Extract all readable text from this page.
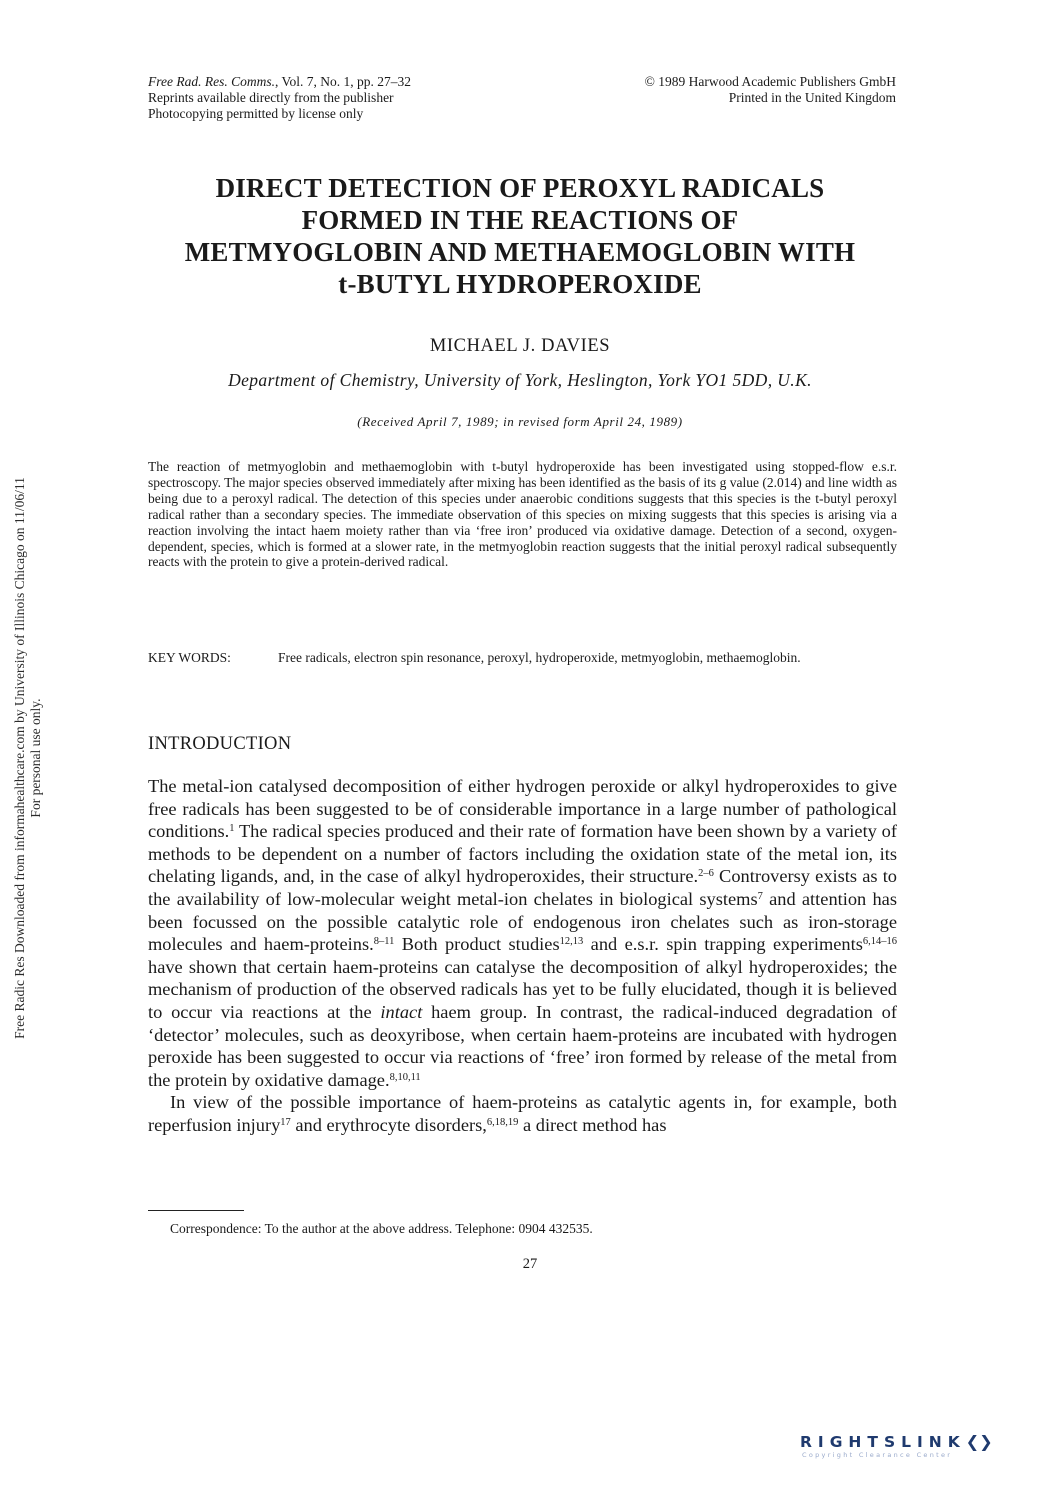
Free Rad. Res. Comms., Vol. 7, No. 1, pp. 27–32
Reprints available directly from the publisher
Photocopying permitted by license only
© 1989 Harwood Academic Publishers GmbH
Printed in the United Kingdom
DIRECT DETECTION OF PEROXYL RADICALS
FORMED IN THE REACTIONS OF
METMYOGLOBIN AND METHAEMOGLOBIN WITH
t-BUTYL HYDROPEROXIDE
MICHAEL J. DAVIES
Department of Chemistry, University of York, Heslington, York YO1 5DD, U.K.
(Received April 7, 1989; in revised form April 24, 1989)
The reaction of metmyoglobin and methaemoglobin with t-butyl hydroperoxide has been investigated using stopped-flow e.s.r. spectroscopy. The major species observed immediately after mixing has been identified as the basis of its g value (2.014) and line width as being due to a peroxyl radical. The detection of this species under anaerobic conditions suggests that this species is the t-butyl peroxyl radical rather than a secondary species. The immediate observation of this species on mixing suggests that this species is arising via a reaction involving the intact haem moiety rather than via ‘free iron’ produced via oxidative damage. Detection of a second, oxygen-dependent, species, which is formed at a slower rate, in the metmyoglobin reaction suggests that the initial peroxyl radical subsequently reacts with the protein to give a protein-derived radical.
KEY WORDS:	Free radicals, electron spin resonance, peroxyl, hydroperoxide, metmyoglobin, methaemoglobin.
INTRODUCTION

The metal-ion catalysed decomposition of either hydrogen peroxide or alkyl hydroperoxides to give free radicals has been suggested to be of considerable importance in a large number of pathological conditions.$^1$ The radical species produced and their rate of formation have been shown by a variety of methods to be dependent on a number of factors including the oxidation state of the metal ion, its chelating ligands, and, in the case of alkyl hydroperoxides, their structure.$^{2-6}$ Controversy exists as to the availability of low-molecular weight metal-ion chelates in biological systems$^7$ and attention has been focussed on the possible catalytic role of endogenous iron chelates such as iron-storage molecules and haem-proteins.$^{8-11}$ Both product studies$^{12,13}$ and e.s.r. spin trapping experiments$^{6,14-16}$ have shown that certain haem-proteins can catalyse the decomposition of alkyl hydroperoxides; the mechanism of production of the observed radicals has yet to be fully elucidated, though it is believed to occur via reactions at the intact haem group. In contrast, the radical-induced degradation of ‘detector’ molecules, such as deoxyribose, when certain haem-proteins are incubated with hydrogen peroxide has been suggested to occur via reactions of ‘free’ iron formed by release of the metal from the protein by oxidative damage.$^{8,10,11}$

In view of the possible importance of haem-proteins as catalytic agents in, for example, both reperfusion injury$^{17}$ and erythrocyte disorders,$^{6,18,19}$ a direct method has

Correspondence: To the author at the above address. Telephone: 0904 432535.
27
Free Radic Res Downloaded from informahealthcare.com by University of Illinois Chicago on 11/06/11 For personal use only.
RIGHTSLINK❮❯
Copyright Clearance Center
